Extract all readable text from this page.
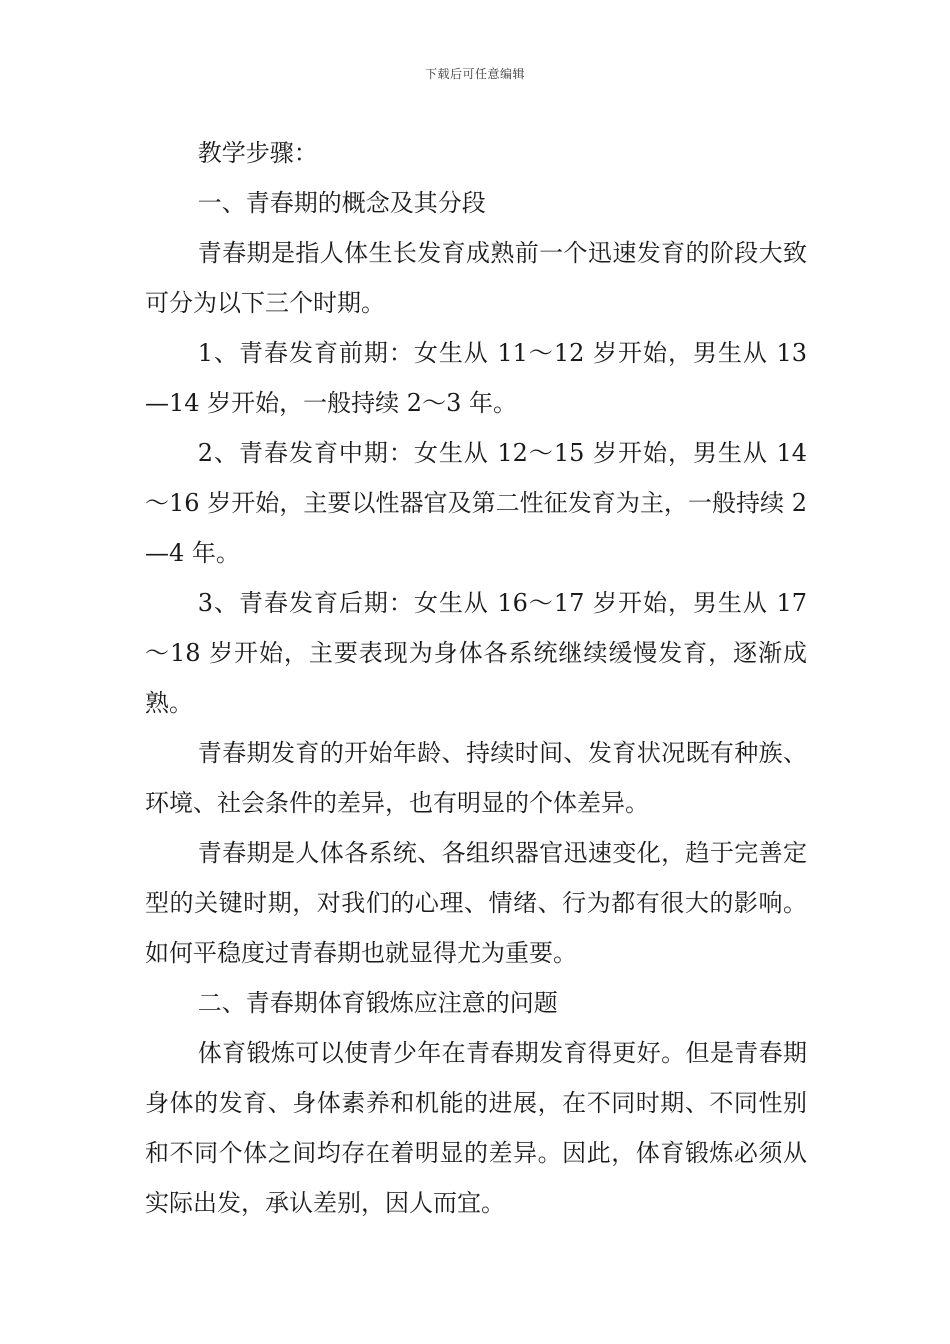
下载后可任意编辑

教学步骤：

一、青春期的概念及其分段

青春期是指人体生长发育成熟前一个迅速发育的阶段大致可分为以下三个时期。

1、青春发育前期：女生从 11～12 岁开始，男生从 13—14 岁开始，一般持续 2～3 年。

2、青春发育中期：女生从 12～15 岁开始，男生从 14～16 岁开始，主要以性器官及第二性征发育为主，一般持续 2—4 年。

3、青春发育后期：女生从 16～17 岁开始，男生从 17～18 岁开始，主要表现为身体各系统继续缓慢发育，逐渐成熟。

青春期发育的开始年龄、持续时间、发育状况既有种族、环境、社会条件的差异，也有明显的个体差异。

青春期是人体各系统、各组织器官迅速变化，趋于完善定型的关键时期，对我们的心理、情绪、行为都有很大的影响。如何平稳度过青春期也就显得尤为重要。

二、青春期体育锻炼应注意的问题

体育锻炼可以使青少年在青春期发育得更好。但是青春期身体的发育、身体素养和机能的进展，在不同时期、不同性别和不同个体之间均存在着明显的差异。因此，体育锻炼必须从实际出发，承认差别，因人而宜。
